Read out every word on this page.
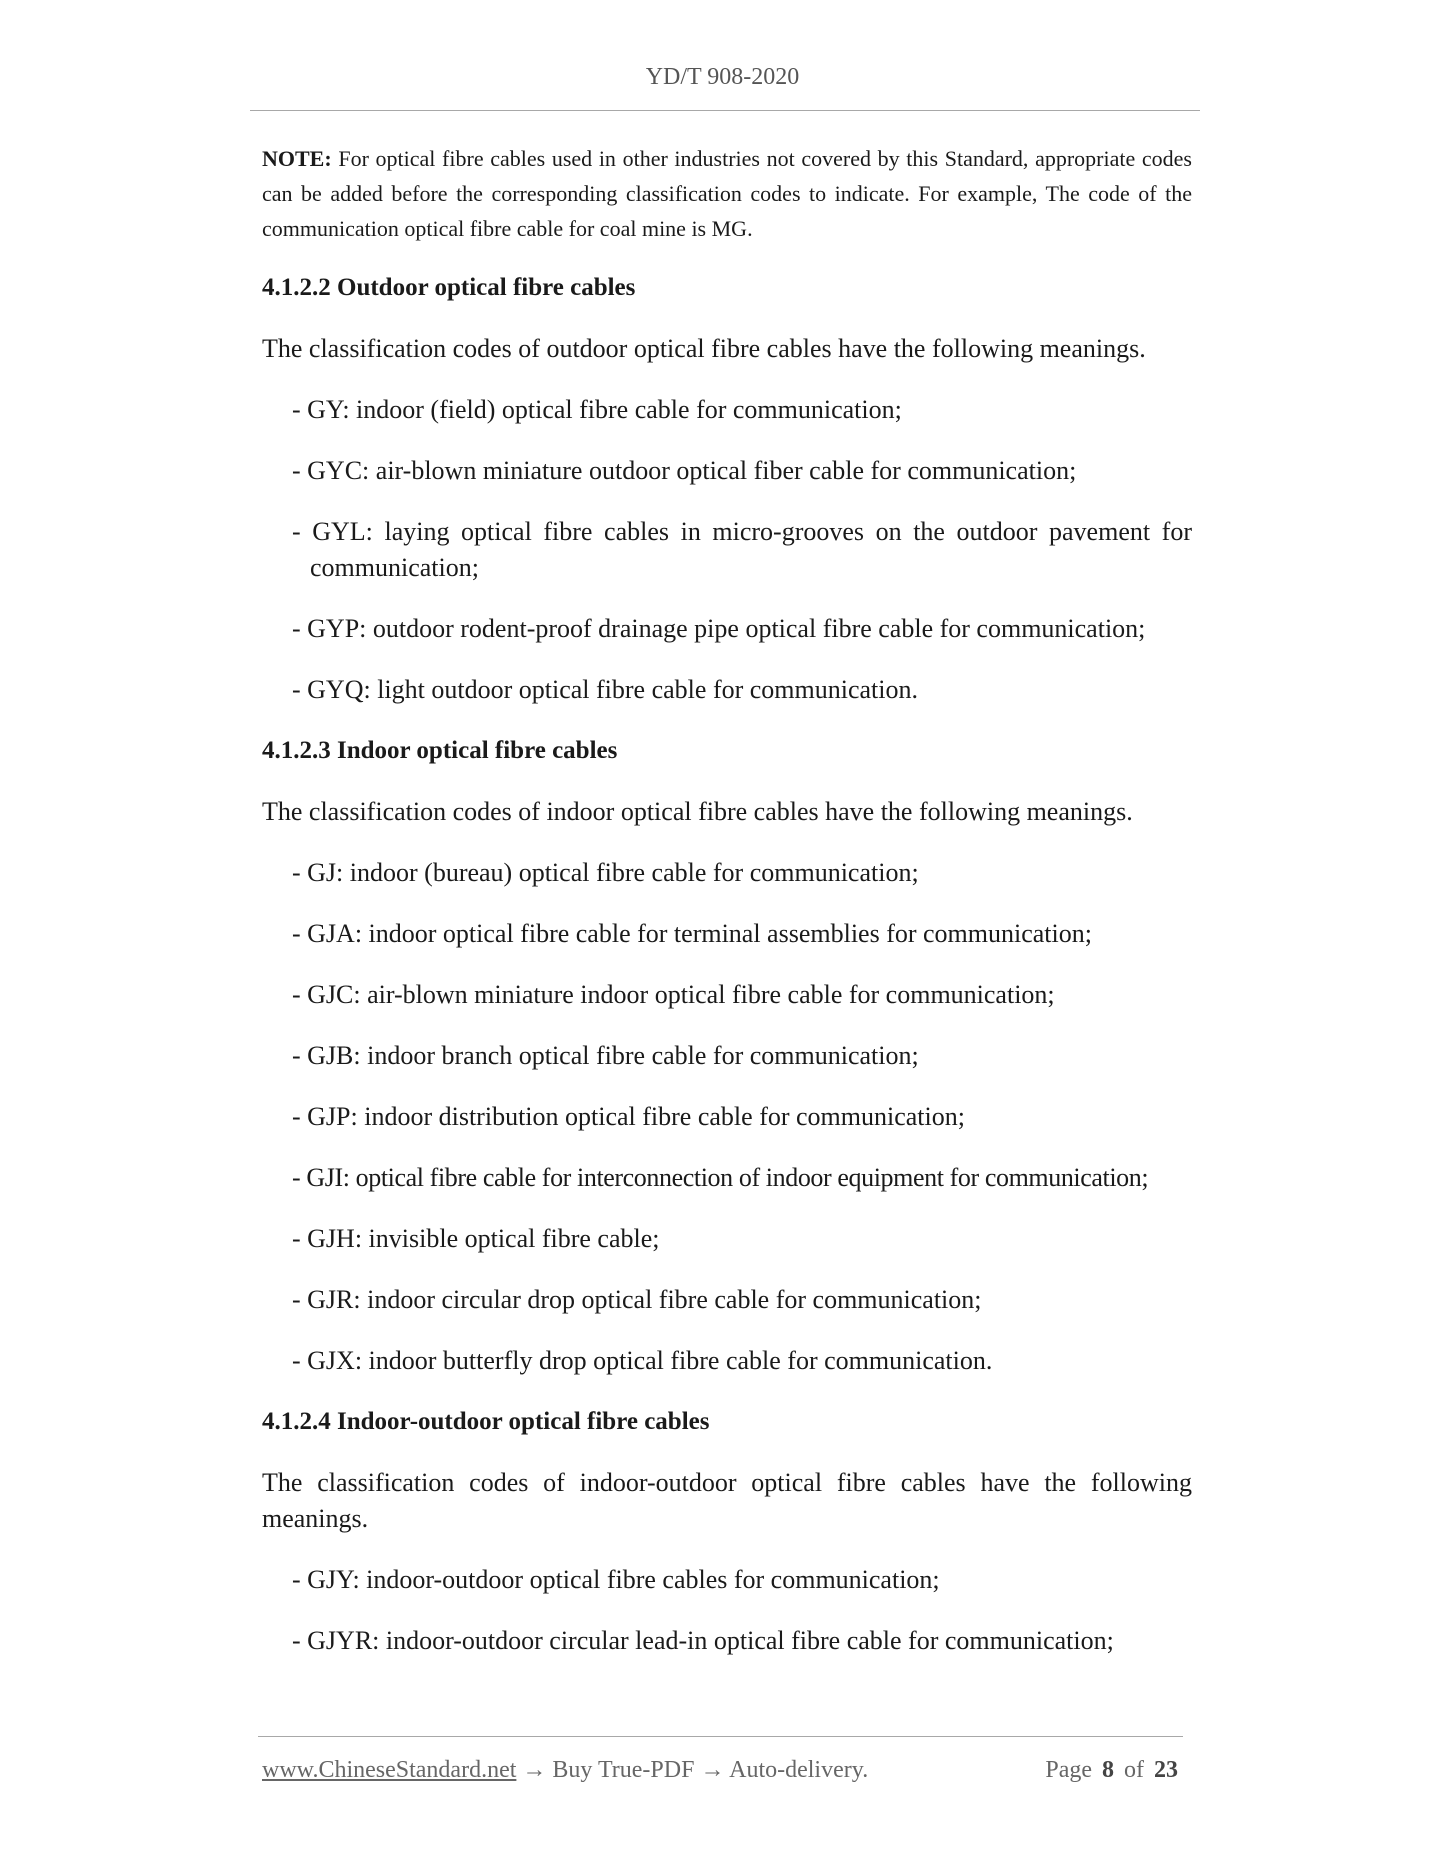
YD/T 908-2020

NOTE: For optical fibre cables used in other industries not covered by this Standard, appropriate codes can be added before the corresponding classification codes to indicate. For example, The code of the communication optical fibre cable for coal mine is MG.

4.1.2.2 Outdoor optical fibre cables
The classification codes of outdoor optical fibre cables have the following meanings.
- GY: indoor (field) optical fibre cable for communication;
- GYC: air-blown miniature outdoor optical fiber cable for communication;
- GYL: laying optical fibre cables in micro-grooves on the outdoor pavement for communication;
- GYP: outdoor rodent-proof drainage pipe optical fibre cable for communication;
- GYQ: light outdoor optical fibre cable for communication.
4.1.2.3 Indoor optical fibre cables
The classification codes of indoor optical fibre cables have the following meanings.
- GJ: indoor (bureau) optical fibre cable for communication;
- GJA: indoor optical fibre cable for terminal assemblies for communication;
- GJC: air-blown miniature indoor optical fibre cable for communication;
- GJB: indoor branch optical fibre cable for communication;
- GJP: indoor distribution optical fibre cable for communication;
- GJI: optical fibre cable for interconnection of indoor equipment for communication;
- GJH: invisible optical fibre cable;
- GJR: indoor circular drop optical fibre cable for communication;
- GJX: indoor butterfly drop optical fibre cable for communication.
4.1.2.4 Indoor-outdoor optical fibre cables
The classification codes of indoor-outdoor optical fibre cables have the following meanings.
- GJY: indoor-outdoor optical fibre cables for communication;
- GJYR: indoor-outdoor circular lead-in optical fibre cable for communication;
www.ChineseStandard.net → Buy True-PDF → Auto-delivery.	Page 8 of 23
